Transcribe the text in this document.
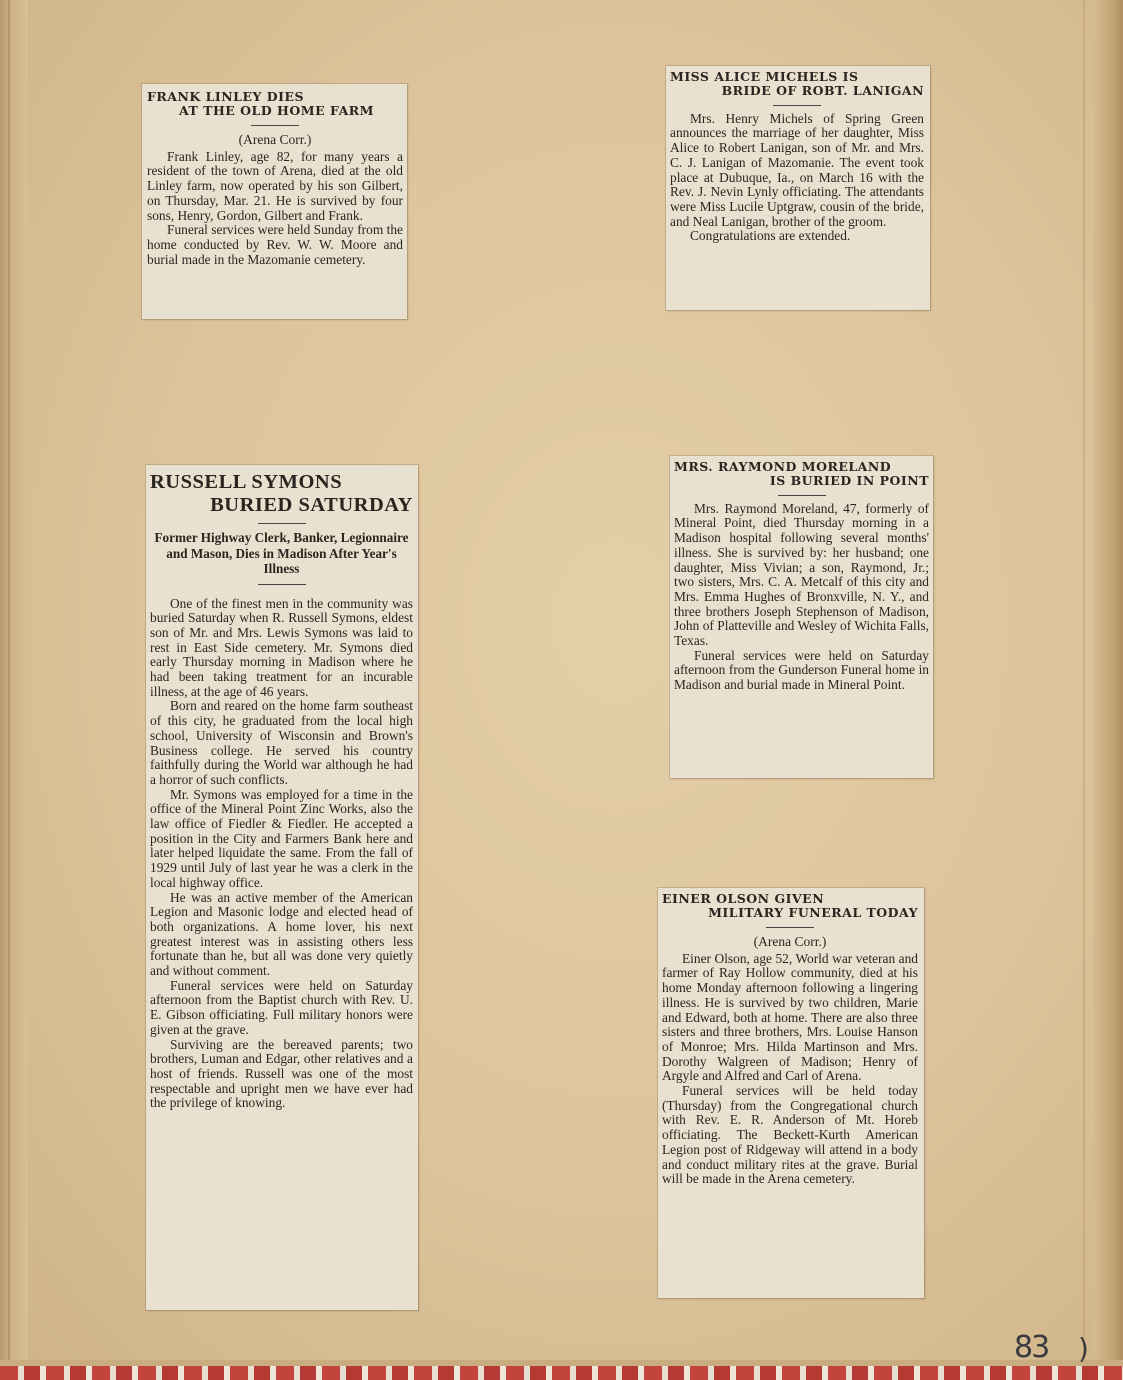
FRANK LINLEY DIES
AT THE OLD HOME FARM
(Arena Corr.)

Frank Linley, age 82, for many years a resident of the town of Arena, died at the old Linley farm, now operated by his son Gilbert, on Thursday, Mar. 21. He is survived by four sons, Henry, Gordon, Gilbert and Frank.

Funeral services were held Sunday from the home conducted by Rev. W. W. Moore and burial made in the Mazomanie cemetery.

MISS ALICE MICHELS IS
BRIDE OF ROBT. LANIGAN

Mrs. Henry Michels of Spring Green announces the marriage of her daughter, Miss Alice to Robert Lanigan, son of Mr. and Mrs. C. J. Lanigan of Mazomanie. The event took place at Dubuque, Ia., on March 16 with the Rev. J. Nevin Lynly officiating. The attendants were Miss Lucile Uptgraw, cousin of the bride, and Neal Lanigan, brother of the groom.

Congratulations are extended.

RUSSELL SYMONS
BURIED SATURDAY

Former Highway Clerk, Banker, Legionnaire and Mason, Dies in Madison After Year's Illness

One of the finest men in the community was buried Saturday when R. Russell Symons, eldest son of Mr. and Mrs. Lewis Symons was laid to rest in East Side cemetery. Mr. Symons died early Thursday morning in Madison where he had been taking treatment for an incurable illness, at the age of 46 years.

Born and reared on the home farm southeast of this city, he graduated from the local high school, University of Wisconsin and Brown's Business college. He served his country faithfully during the World war although he had a horror of such conflicts.

Mr. Symons was employed for a time in the office of the Mineral Point Zinc Works, also the law office of Fiedler & Fiedler. He accepted a position in the City and Farmers Bank here and later helped liquidate the same. From the fall of 1929 until July of last year he was a clerk in the local highway office.

He was an active member of the American Legion and Masonic lodge and elected head of both organizations. A home lover, his next greatest interest was in assisting others less fortunate than he, but all was done very quietly and without comment.

Funeral services were held on Saturday afternoon from the Baptist church with Rev. U. E. Gibson officiating. Full military honors were given at the grave.

Surviving are the bereaved parents; two brothers, Luman and Edgar, other relatives and a host of friends. Russell was one of the most respectable and upright men we have ever had the privilege of knowing.

MRS. RAYMOND MORELAND
IS BURIED IN POINT

Mrs. Raymond Moreland, 47, formerly of Mineral Point, died Thursday morning in a Madison hospital following several months' illness. She is survived by: her husband; one daughter, Miss Vivian; a son, Raymond, Jr.; two sisters, Mrs. C. A. Metcalf of this city and Mrs. Emma Hughes of Bronxville, N. Y., and three brothers Joseph Stephenson of Madison, John of Platteville and Wesley of Wichita Falls, Texas.

Funeral services were held on Saturday afternoon from the Gunderson Funeral home in Madison and burial made in Mineral Point.

EINER OLSON GIVEN
MILITARY FUNERAL TODAY
(Arena Corr.)

Einer Olson, age 52, World war veteran and farmer of Ray Hollow community, died at his home Monday afternoon following a lingering illness. He is survived by two children, Marie and Edward, both at home. There are also three sisters and three brothers, Mrs. Louise Hanson of Monroe; Mrs. Hilda Martinson and Mrs. Dorothy Walgreen of Madison; Henry of Argyle and Alfred and Carl of Arena.

Funeral services will be held today (Thursday) from the Congregational church with Rev. E. R. Anderson of Mt. Horeb officiating. The Beckett-Kurth American Legion post of Ridgeway will attend in a body and conduct military rites at the grave. Burial will be made in the Arena cemetery.

83 )
